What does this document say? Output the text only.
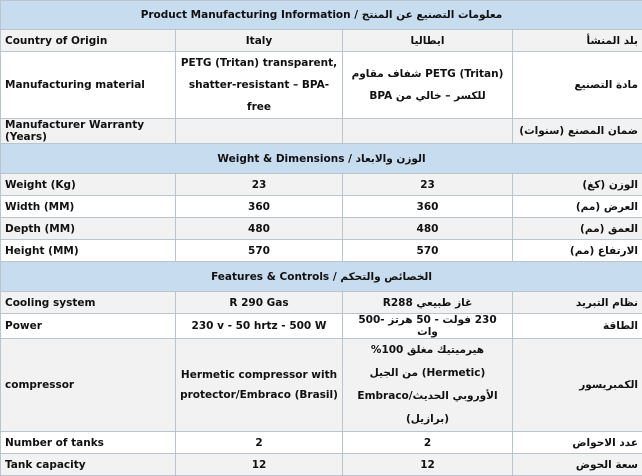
Product Manufacturing Information / معلومات التصنيع عن المنتج			
Country of Origin	Italy	ايطاليا	بلد المنشأ
Manufacturing material	PETG (Tritan) transparent, shatter-resistant – BPA-free	PETG (Tritan) شفاف مقاوم للكسر – خالي من BPA	مادة التصنيع
Manufacturer Warranty (Years)			ضمان المصنع (سنوات)
Weight & Dimensions / الوزن والابعاد			
Weight (Kg)	23	23	الوزن (كغ)
Width (MM)	360	360	العرض (مم)
Depth (MM)	480	480	العمق (مم)
Height (MM)	570	570	الارتفاع (مم)
Features & Controls / الخصائص والتحكم			
Cooling system	R 290 Gas	غاز طبيعي R288	نظام التبريد
Power	230 v - 50 hrtz - 500 W	230 فولت - 50 هرتز -500 وات	الطاقة
compressor	Hermetic compressor with protector/Embraco (Brasil)	هيرميتيك مغلق 100% (Hermetic) من الجيل الأوروبي الحديث/Embraco (برازيل)	الكمبريسور
Number of tanks	2	2	عدد الاحواض
Tank capacity	12	12	سعة الحوض
